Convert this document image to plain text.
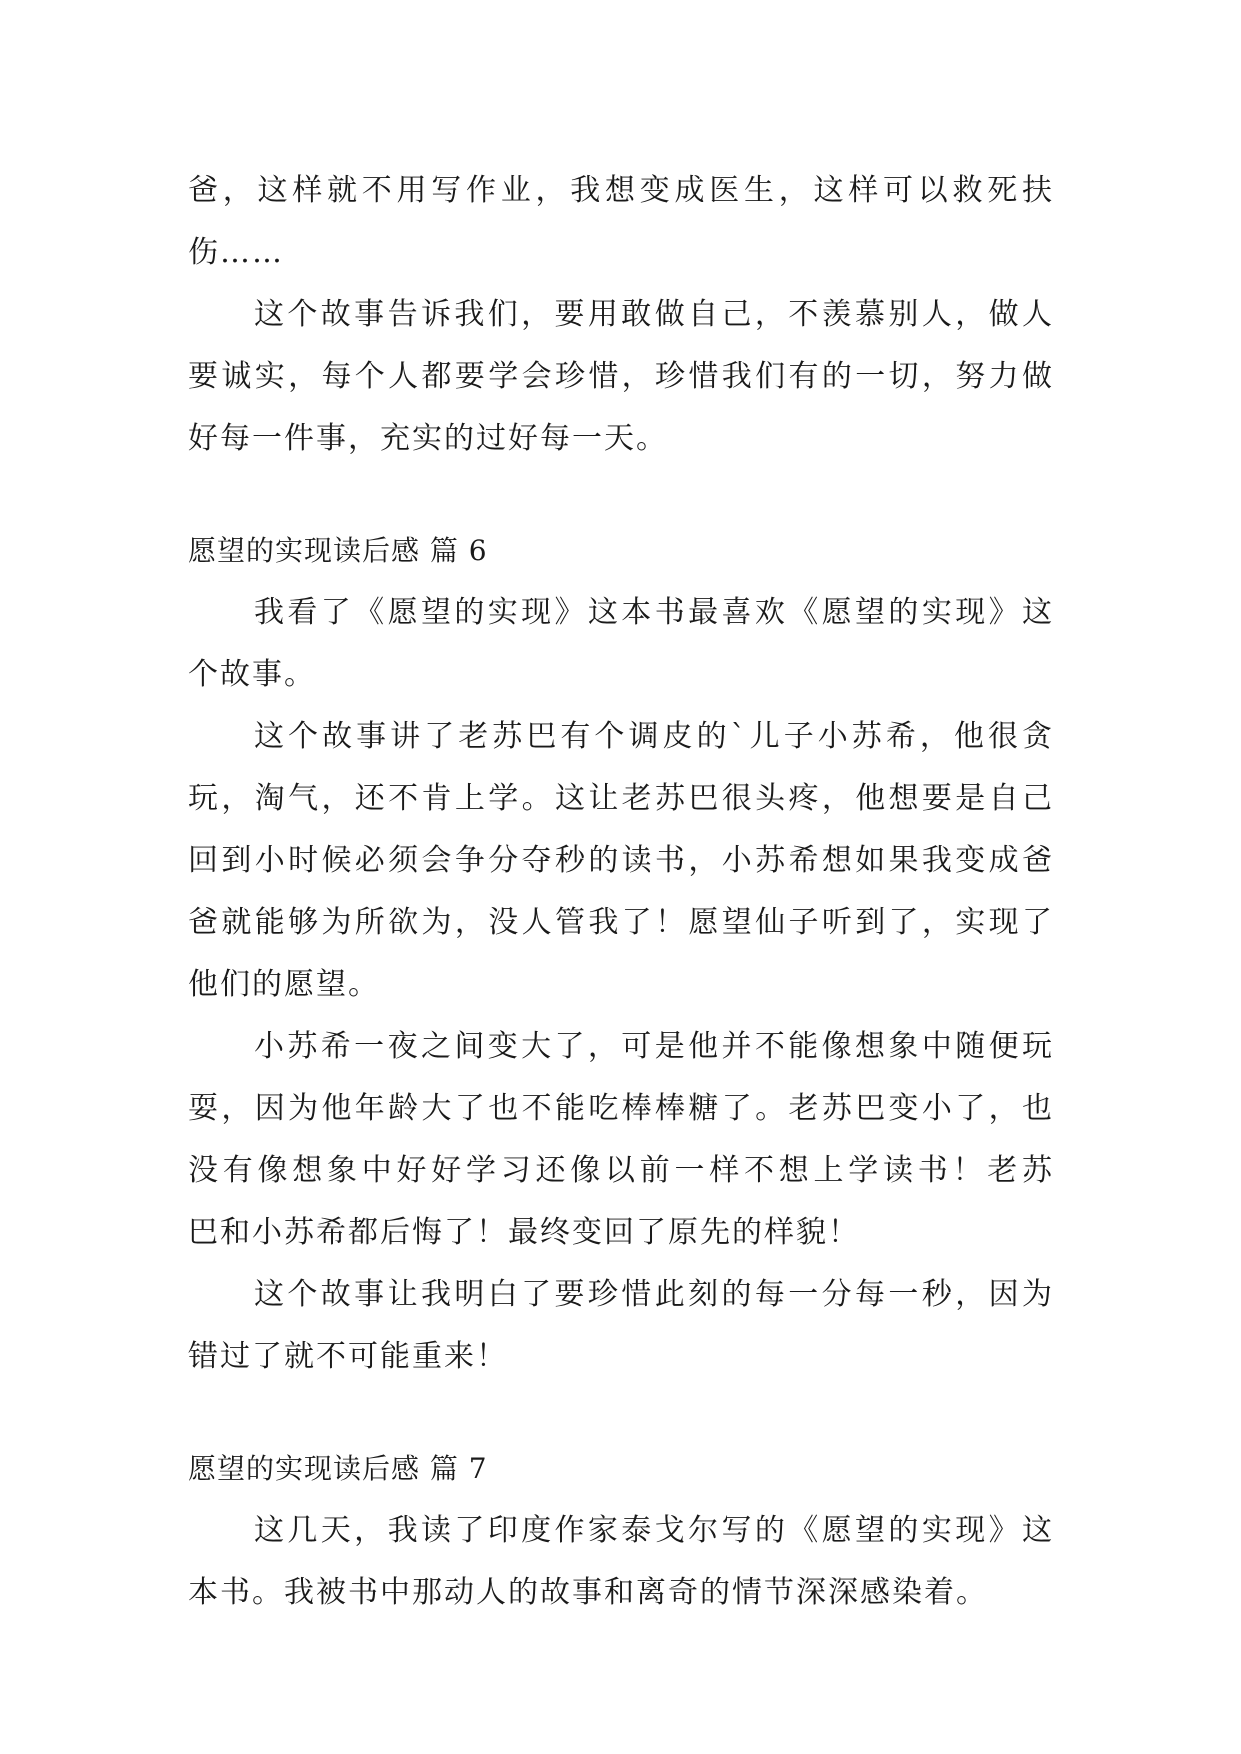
爸，这样就不用写作业，我想变成医生，这样可以救死扶
伤……
这个故事告诉我们，要用敢做自己，不羡慕别人，做人
要诚实，每个人都要学会珍惜，珍惜我们有的一切，努力做
好每一件事，充实的过好每一天。
愿望的实现读后感 篇 6
我看了《愿望的实现》这本书最喜欢《愿望的实现》这
个故事。
这个故事讲了老苏巴有个调皮的`儿子小苏希，他很贪
玩，淘气，还不肯上学。这让老苏巴很头疼，他想要是自己
回到小时候必须会争分夺秒的读书，小苏希想如果我变成爸
爸就能够为所欲为，没人管我了！愿望仙子听到了，实现了
他们的愿望。
小苏希一夜之间变大了，可是他并不能像想象中随便玩
耍，因为他年龄大了也不能吃棒棒糖了。老苏巴变小了，也
没有像想象中好好学习还像以前一样不想上学读书！老苏
巴和小苏希都后悔了！最终变回了原先的样貌！
这个故事让我明白了要珍惜此刻的每一分每一秒，因为
错过了就不可能重来！
愿望的实现读后感 篇 7
这几天，我读了印度作家泰戈尔写的《愿望的实现》这
本书。我被书中那动人的故事和离奇的情节深深感染着。
